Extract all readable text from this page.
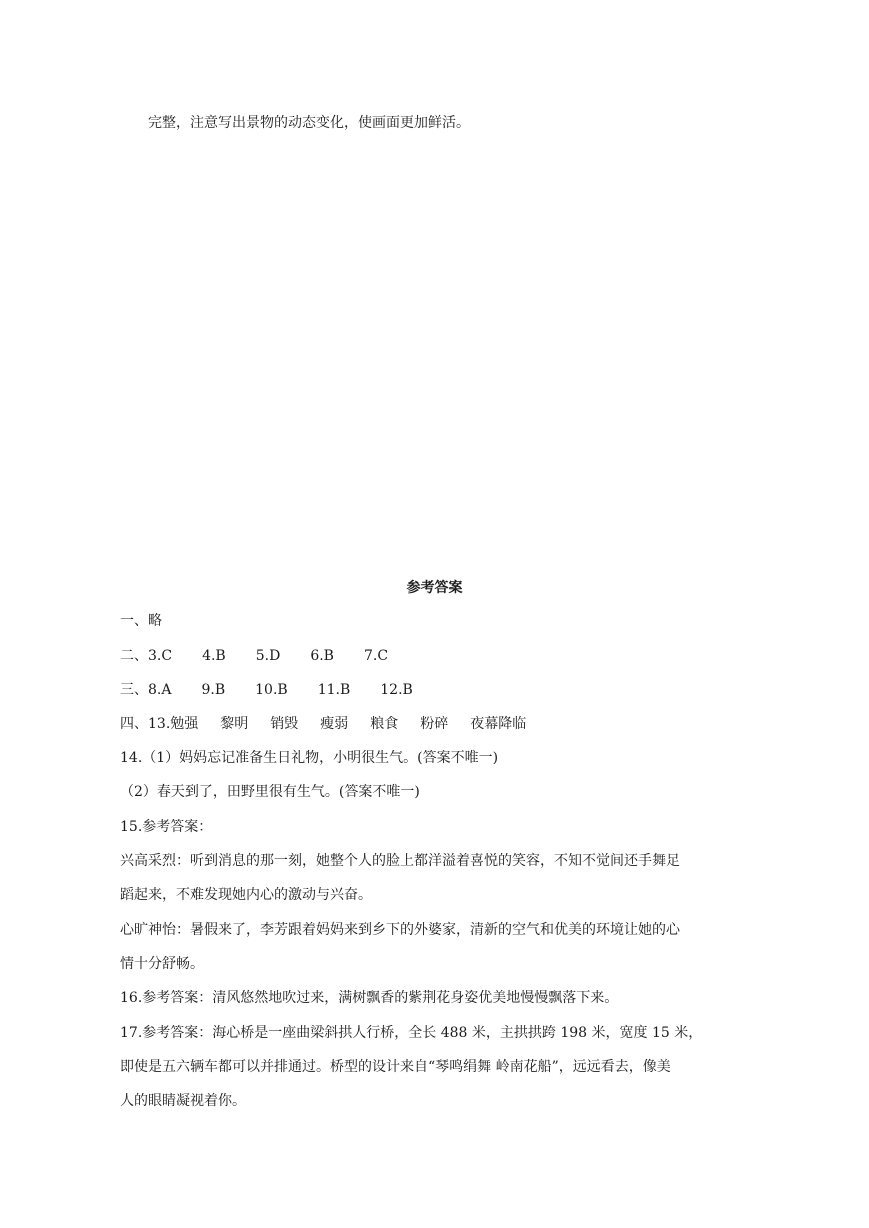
完整，注意写出景物的动态变化，使画面更加鲜活。
参考答案
一、略
二、3.C 4.B 5.D 6.B 7.C
三、8.A 9.B 10.B 11.B 12.B
四、13.勉强 黎明 销毁 瘦弱 粮食 粉碎 夜幕降临
14.（1）妈妈忘记准备生日礼物，小明很生气。(答案不唯一)
（2）春天到了，田野里很有生气。(答案不唯一)
15.参考答案：
兴高采烈：听到消息的那一刻，她整个人的脸上都洋溢着喜悦的笑容，不知不觉间还手舞足
蹈起来，不难发现她内心的激动与兴奋。
心旷神怡：暑假来了，李芳跟着妈妈来到乡下的外婆家，清新的空气和优美的环境让她的心
情十分舒畅。
16.参考答案：清风悠然地吹过来，满树飘香的紫荆花身姿优美地慢慢飘落下来。
17.参考答案：海心桥是一座曲梁斜拱人行桥，全长 488 米，主拱拱跨 198 米，宽度 15 米，
即使是五六辆车都可以并排通过。桥型的设计来自“琴鸣绢舞 岭南花船”，远远看去，像美
人的眼睛凝视着你。
